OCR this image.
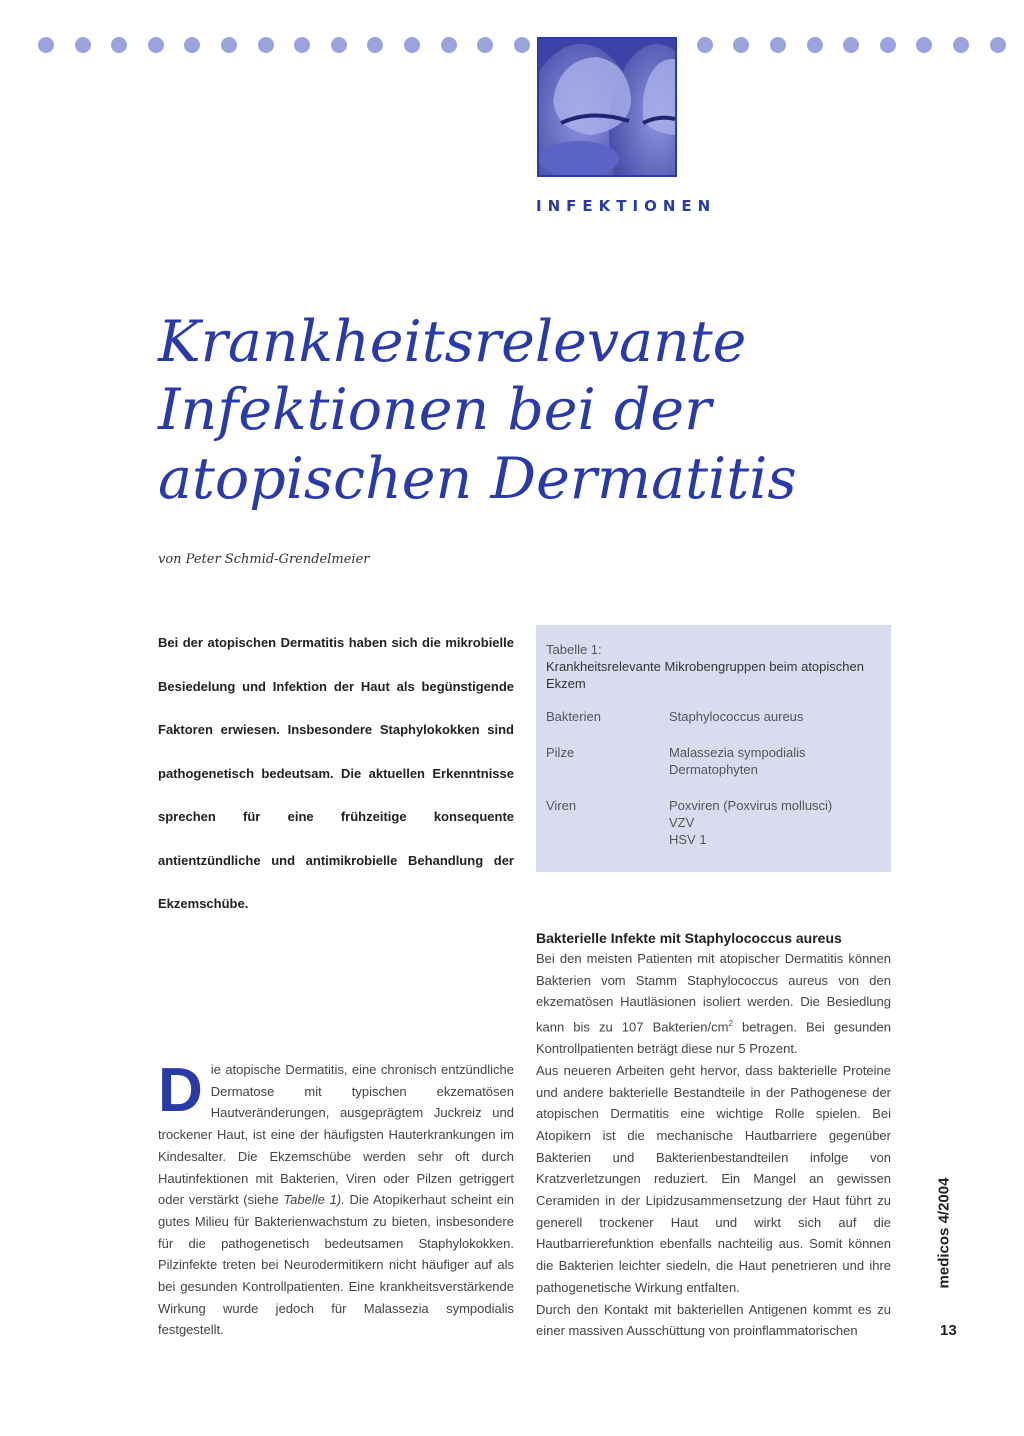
INFEKTIONEN
Krankheitsrelevante Infektionen bei der atopischen Dermatitis
von Peter Schmid-Grendelmeier

Bei der atopischen Dermatitis haben sich die mikrobielle Besiedelung und Infektion der Haut als begünstigende Faktoren erwiesen. Insbesondere Staphylokokken sind pathogenetisch bedeutsam. Die aktuellen Erkenntnisse sprechen für eine frühzeitige konsequente antientzündliche und antimikrobielle Behandlung der Ekzemschübe.

Tabelle 1:

Krankheitsrelevante Mikrobengruppen beim atopischen Ekzem

Bakterien	Staphylococcus aureus
Pilze	Malassezia sympodialis
Dermatophyten
Viren	Poxviren (Poxvirus mollusci)
VZV
HSV 1
D ie atopische Dermatitis, eine chronisch entzündliche Dermatose mit typischen ekzematösen Hautveränderungen, ausgeprägtem Juckreiz und trockener Haut, ist eine der häufigsten Hauterkrankungen im Kindesalter. Die Ekzemschübe werden sehr oft durch Hautinfektionen mit Bakterien, Viren oder Pilzen getriggert oder verstärkt (siehe Tabelle 1). Die Atopikerhaut scheint ein gutes Milieu für Bakterienwachstum zu bieten, insbesondere für die pathogenetisch bedeutsamen Staphylokokken. Pilzinfekte treten bei Neurodermitikern nicht häufiger auf als bei gesunden Kontrollpatienten. Eine krankheitsverstärkende Wirkung wurde jedoch für Malassezia sympodialis festgestellt.

Bakterielle Infekte mit Staphylococcus aureus

Bei den meisten Patienten mit atopischer Dermatitis können Bakterien vom Stamm Staphylococcus aureus von den ekzematösen Hautläsionen isoliert werden. Die Besiedlung kann bis zu 107 Bakterien/$cm^2$ betragen. Bei gesunden Kontrollpatienten beträgt diese nur 5 Prozent.

Aus neueren Arbeiten geht hervor, dass bakterielle Proteine und andere bakterielle Bestandteile in der Pathogenese der atopischen Dermatitis eine wichtige Rolle spielen. Bei Atopikern ist die mechanische Hautbarriere gegenüber Bakterien und Bakterienbestandteilen infolge von Kratzverletzungen reduziert. Ein Mangel an gewissen Ceramiden in der Lipidzusammensetzung der Haut führt zu generell trockener Haut und wirkt sich auf die Hautbarrierefunktion ebenfalls nachteilig aus. Somit können die Bakterien leichter siedeln, die Haut penetrieren und ihre pathogenetische Wirkung entfalten.

Durch den Kontakt mit bakteriellen Antigenen kommt es zu einer massiven Ausschüttung von proinflammatorischen

medicos 4/2004
13
